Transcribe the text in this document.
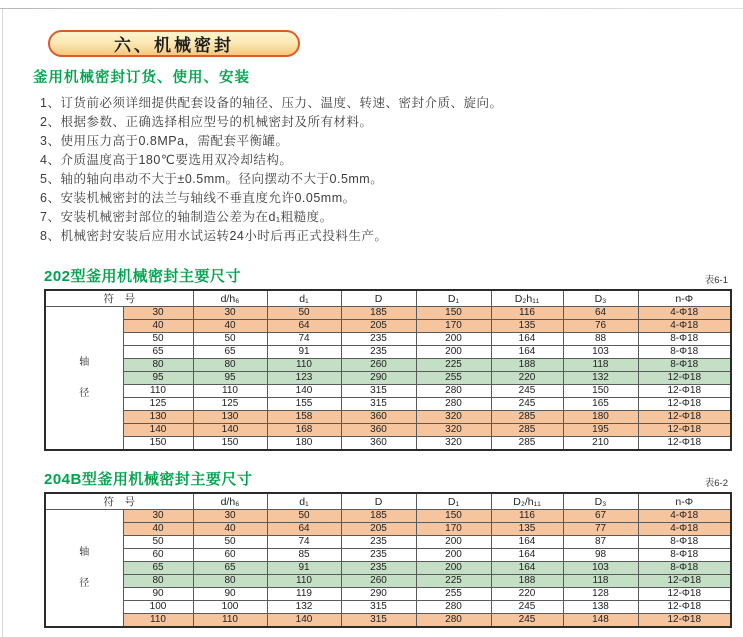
六、机械密封
釜用机械密封订货、使用、安装
1、订货前必须详细提供配套设备的轴径、压力、温度、转速、密封介质、旋向。
2、根据参数、正确选择相应型号的机械密封及所有材料。
3、使用压力高于0.8MPa，需配套平衡罐。
4、介质温度高于180℃要选用双冷却结构。
5、轴的轴向串动不大于±0.5mm。径向摆动不大于0.5mm。
6、安装机械密封的法兰与轴线不垂直度允许0.05mm。
7、安装机械密封部位的轴制造公差为在d₁粗糙度。
8、机械密封安装后应用水试运转24小时后再正式投料生产。
202型釜用机械密封主要尺寸	表6-1
符　号		d/h₆	d₁	D	D₁	D₂h₁₁	D₃	n-Φ

轴
径	30	30	50	185	150	116	64	4-Φ18
	40	40	64	205	170	135	76	4-Φ18
	50	50	74	235	200	164	88	8-Φ18
	65	65	91	235	200	164	103	8-Φ18
	80	80	110	260	225	188	118	8-Φ18
	95	95	123	290	255	220	132	12-Φ18
	110	110	140	315	280	245	150	12-Φ18
	125	125	155	315	280	245	165	12-Φ18
	130	130	158	360	320	285	180	12-Φ18
	140	140	168	360	320	285	195	12-Φ18
	150	150	180	360	320	285	210	12-Φ18
204B型釜用机械密封主要尺寸	表6-2
符　号		d/h₆	d₁	D	D₁	D₂/h₁₁	D₃	n-Φ

轴
径	30	30	50	185	150	116	67	4-Φ18
	40	40	64	205	170	135	77	4-Φ18
	50	50	74	235	200	164	87	8-Φ18
	60	60	85	235	200	164	98	8-Φ18
	65	65	91	235	200	164	103	8-Φ18
	80	80	110	260	225	188	118	12-Φ18
	90	90	119	290	255	220	128	12-Φ18
	100	100	132	315	280	245	138	12-Φ18
	110	110	140	315	280	245	148	12-Φ18
